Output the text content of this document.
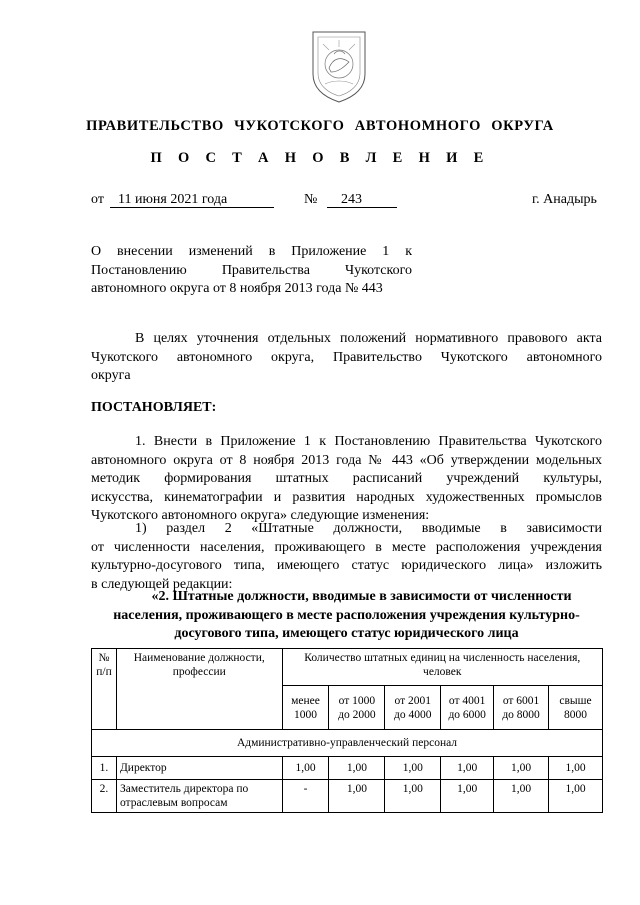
ПРАВИТЕЛЬСТВО ЧУКОТСКОГО АВТОНОМНОГО ОКРУГА
П О С Т А Н О В Л Е Н И Е
от	11 июня 2021 года	№	243	г. Анадырь
О внесении изменений в Приложение 1 к
Постановлению Правительства Чукотского
автономного округа от 8 ноября 2013 года № 443
В целях уточнения отдельных положений нормативного правового акта
Чукотского автономного округа, Правительство Чукотского автономного
округа
ПОСТАНОВЛЯЕТ:
1. Внести в Приложение 1 к Постановлению Правительства Чукотского
автономного округа от 8 ноября 2013 года № 443 «Об утверждении модельных
методик формирования штатных расписаний учреждений культуры,
искусства, кинематографии и развития народных художественных промыслов
Чукотского автономного округа» следующие изменения:
1) раздел 2 «Штатные должности, вводимые в зависимости
от численности населения, проживающего в месте расположения учреждения
культурно-досугового типа, имеющего статус юридического лица» изложить
в следующей редакции:
«2. Штатные должности, вводимые в зависимости от численности
населения, проживающего в месте расположения учреждения культурно-
досугового типа, имеющего статус юридического лица
№ п/п	Наименование должности, профессии	Количество штатных единиц на численность населения, человек					
		менее 1000	от 1000 до 2000	от 2001 до 4000	от 4001 до 6000	от 6001 до 8000	свыше 8000
Административно-управленческий персонал							
1.	Директор	1,00	1,00	1,00	1,00	1,00	1,00
2.	Заместитель директора по отраслевым вопросам	-	1,00	1,00	1,00	1,00	1,00
